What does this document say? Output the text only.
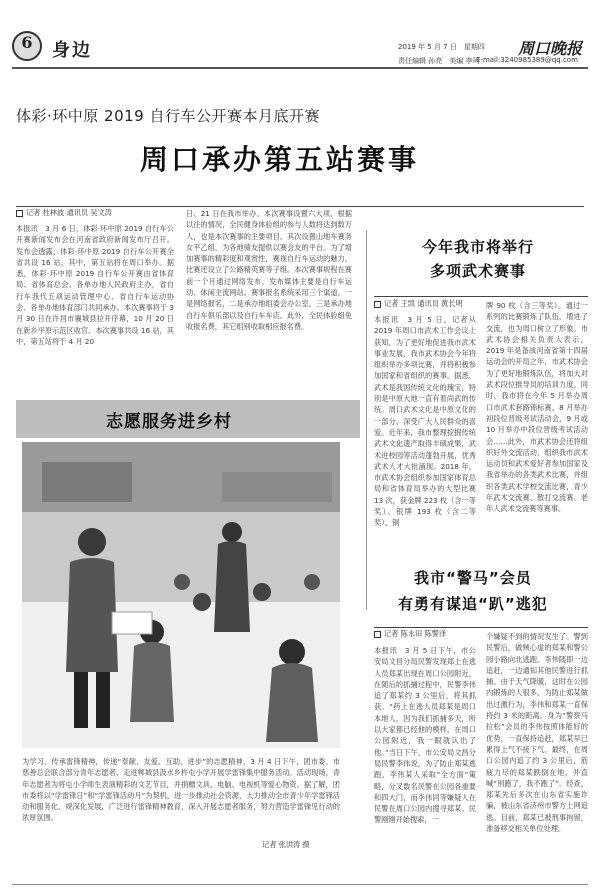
6	身边	2019 年 5 月 7 日　星期四 周口晚报
责任编辑 孙亮　美编 李珂
E-mail:3240985389@qq.com
体彩·环中原 2019 自行车公开赛本月底开赛
周口承办第五站赛事
记者 杜林波 通讯员 吴文涛

本报讯　3 月 6 日，体彩·环中原 2019 自行车公开赛新闻发布会在河南省政府新闻发布厅召开。发布会透露，体彩·环中原 2019 自行车公开赛全省共设 16 站，其中，第五站将在周口举办。据悉，体彩·环中原 2019 自行车公开赛由省体育局、省体育总会、各单办地人民政府主办，省自行车我代五项运动管理中心、省自行车运动协会、各单办地体育部门共同承办。本次赛事将于 3 月 30 日在许昌市襄城县拉开序幕，10 月 20 日在新乡平原示范区收官。本次赛事共设 16 站，其中，第五站将于 4 月 20

日、21 日在我市举办。本次赛事设置六大项，根据以往的情况，全民健身体验组的参与人数将达到数万人，也是本次赛事的主要项目。其次设置山地车赛务女平乙组，为各地骑友提供以赛会友的平台。为了增加赛事的精彩度和观赏性，赛视自行车运动的魅力，比赛还设立了公路精英赛等子组。本次赛事规程在赛前一个月通过网络发布，发布媒体主要是自行车运动、休闲主流网站。赛事报名系统采用三个渠道，一是网络报名，二是承办地组委会办公室，三是承办地自行车俱乐部以及自行车车店。此外，全民体验组免收报名费，其它组别收取相应报名费。

今年我市将举行
多项武术赛事
记者 王凯 通讯员 黄长明

本报讯　3 月 5 日，记者从 2019 年周口市武术工作会议上获知，为了更好地促进我市武术事业发展，我市武术协会今年将组织举办多项比赛，并将积极参加国家和省组织的赛事。据悉，武术是我国传统文化的瑰宝，特别是中原大地一直有着尚武的传统。周口武术文化是中原文化的一部分，深受广大人民群众的喜爱。近年来，我市整理挖掘传统武术文化遗产取得丰硕成果，武术进校园等活动蓬勃开展，优秀武术人才大批涌现。2018 年，市武术协会组织参加国家体育总局和省体育局举办的大型比赛 13 次，获金牌 223 枚（含一等奖）、银牌 193 枚（含二等奖）、铜

牌 90 枚（含三等奖）。通过一系列的比赛锻炼了队伍，增进了交流，也为周口树立了形象。市武术协会相关负责人表示，2019 年是备战河南省第十四届运动会的开局之年，市武术协会为了更好地锻炼队伍，将加大对武术段位推导员的培训力度。同时，我市将在今年 5 月举办周口市武术套路锦标赛，8 月举办初段位晋级考试活动会，9 月或 10 月举办中段位晋级考试活动会……此外，市武术协会还将组织好外交流活动，组织我市武术运动员和武术爱好者参加国家及我省举办的各类武术比赛，并组织各类武术学校交流比赛，青少年武术交流赛、散打交流赛、老年人武术交流赛等赛事。

志愿服务进乡村

为学习、传承雷锋精神，传递“奉献、友爱、互助、进步”的志愿精神，3 月 4 日下午，团市委、市慈善总会联合部分青年志愿者，走进郸城县汲水乡杵屯小学开展学雷锋集中服务活动。活动现场，青年志愿者为将屯小学师生表演精彩的文艺节目，并捐赠文具、电脑、电视机等爱心物资。据了解，团市委将以“学雷锋日”和“学雷锋活动月”为契机，进一步推动社会资源，大力推动全市青少年学雷锋活动和服务化、规深化发展，广泛进行雷锋精神教育，深入开展志愿者服务，努力营造学雷锋见行动的浓厚氛围。

记者 张洪涛 摄
我市“警马”会员
有勇有谋追“趴”逃犯
记者 陈永田 陈警泽

本报讯　3 月 5 日下午，市公安局文昌分局民警发现郑上在逃人员郑某出现在周口公园附近，在随后的抓捕过程中，民警李伟追了郑某约 3 公里后，将其抓获。“药上在逃人员郑某是周口本地人，因为我们抓捕多天，所以大家都已经他的模样，在周口公园附近，我一眼就认出了他。”当日下午，市公安局文昌分局民警李伟说，为了防止郑某逃跑，李伟某人采取“全方面”策略，分叉数名民警在公园各重要和四大门，而李伟同等嫌疑人在民警在周口公园内搜寻郑某。民警刚刚开始搜索，一

个嫌疑不到的情况发生了。警到民警后，做贼心虚的郑某和警公园小路向北逃跑。李伟随即一边追赶，一边通知其他民警进行抓捕。由于天气降暖，这时在公园内锻炼的人很多，为防止郑某做出过激行为，李伟和郑某一直保持约 3 米的距离。身为“警察马拉松”会员的李伟按照体能好的优势，一直保持追赶，郑某早已累得上气不接下气。最终，在周口公园内追了约 3 公里后，筋疲力尽的郑某跌倒在地，并直喊“别跑了，我不跑了”。经查，郑某先后多次在山东省实施诈骗，被山东省济州市警方上网追逃。目前，郑某已被刑事拘留，准备移交相关单位处理。
